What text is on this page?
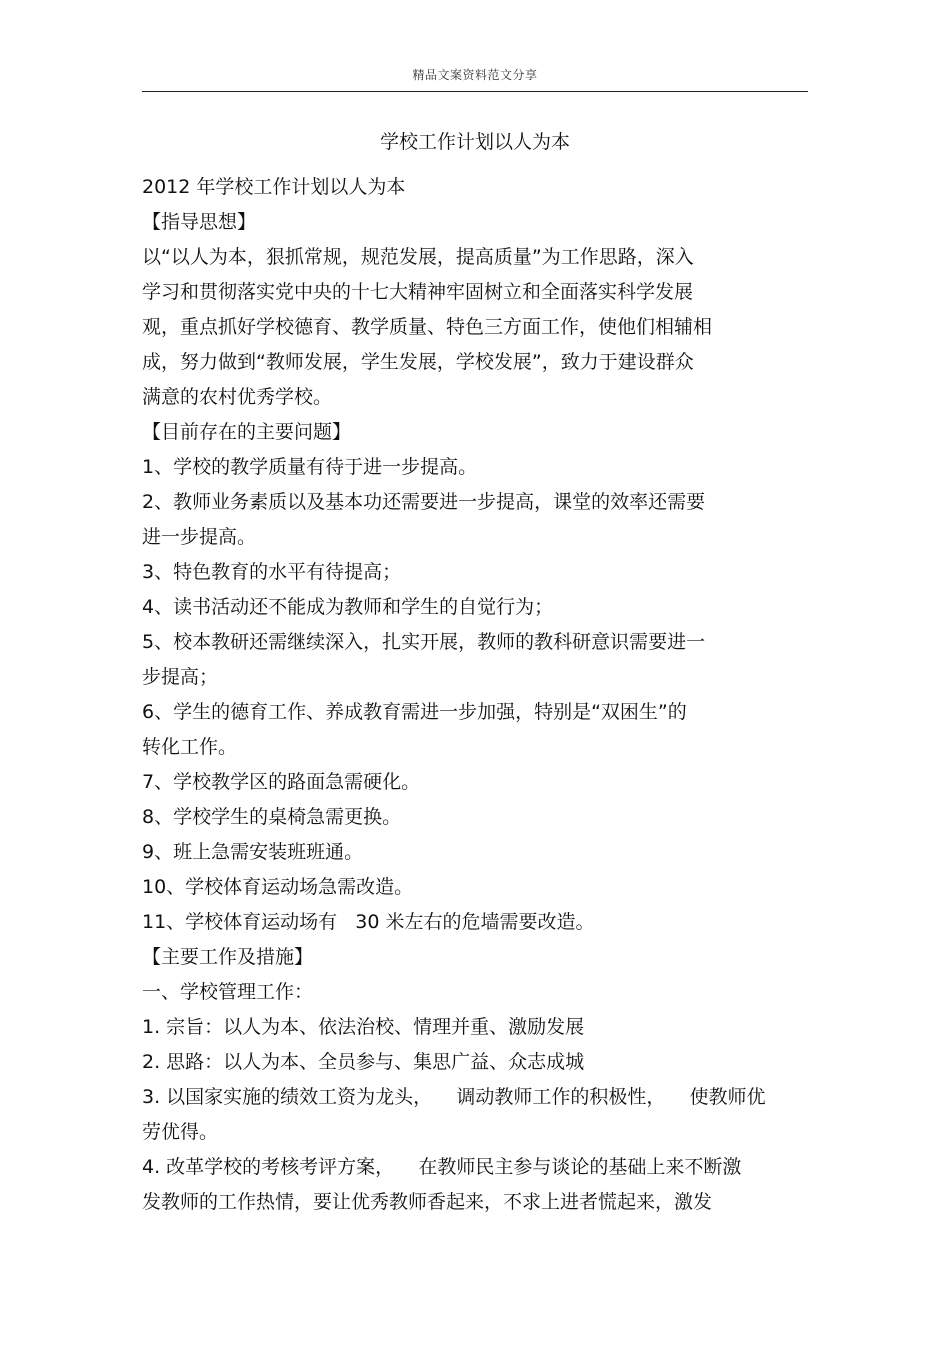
精品文案资料范文分享
学校工作计划以人为本
2012 年学校工作计划以人为本
【指导思想】
以“以人为本，狠抓常规，规范发展，提高质量”为工作思路，深入
学习和贯彻落实党中央的十七大精神牢固树立和全面落实科学发展
观，重点抓好学校德育、教学质量、特色三方面工作，使他们相辅相
成，努力做到“教师发展，学生发展，学校发展”，致力于建设群众
满意的农村优秀学校。
【目前存在的主要问题】
1、学校的教学质量有待于进一步提高。
2、教师业务素质以及基本功还需要进一步提高，课堂的效率还需要
进一步提高。
3、特色教育的水平有待提高；
4、读书活动还不能成为教师和学生的自觉行为；
5、校本教研还需继续深入，扎实开展，教师的教科研意识需要进一
步提高；
6、学生的德育工作、养成教育需进一步加强，特别是“双困生”的
转化工作。
7、学校教学区的路面急需硬化。
8、学校学生的桌椅急需更换。
9、班上急需安装班班通。
10、学校体育运动场急需改造。
11、学校体育运动场有   30 米左右的危墙需要改造。
【主要工作及措施】
一、学校管理工作：
1. 宗旨：以人为本、依法治校、情理并重、激励发展
2. 思路：以人为本、全员参与、集思广益、众志成城
3. 以国家实施的绩效工资为龙头，    调动教师工作的积极性，    使教师优
劳优得。
4. 改革学校的考核考评方案，    在教师民主参与谈论的基础上来不断激
发教师的工作热情，要让优秀教师香起来，不求上进者慌起来，激发
